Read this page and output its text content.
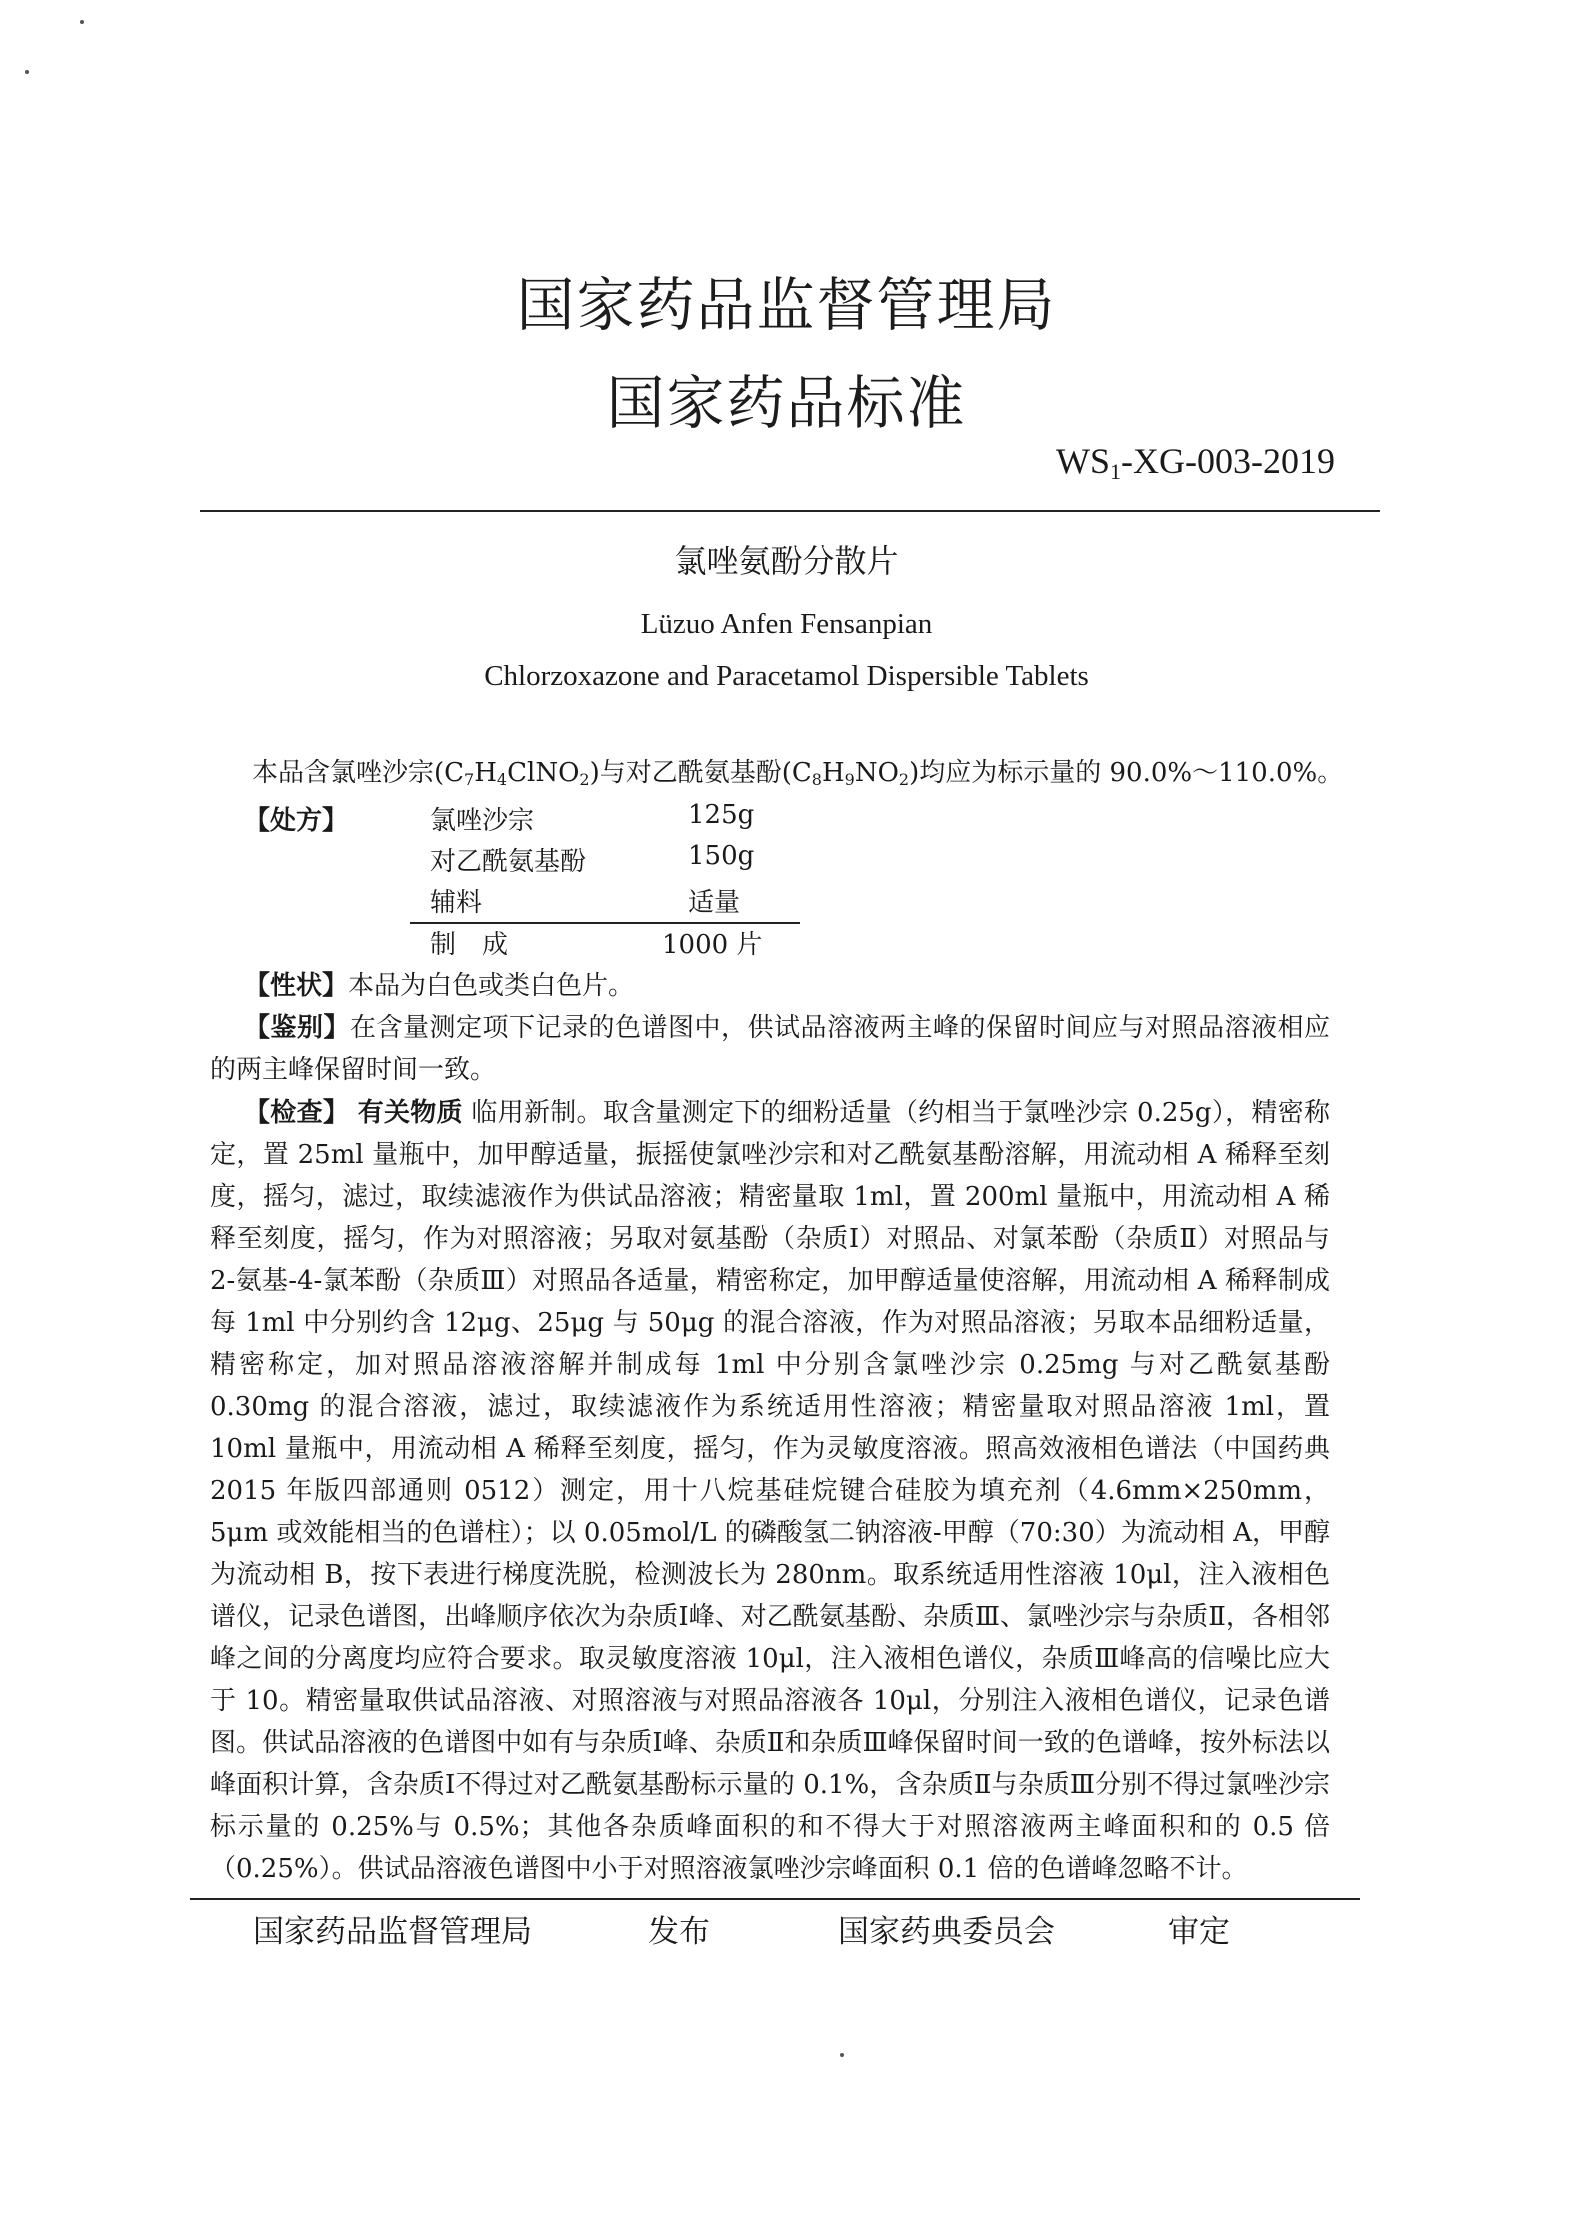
国家药品监督管理局
国家药品标准
$WS_1-XG-003-2019$
氯唑氨酚分散片
Lüzuo Anfen Fensanpian
Chlorzoxazone and Paracetamol Dispersible Tablets
本品含氯唑沙宗$(C_7H_4ClNO_2)$与对乙酰氨基酚$(C_8H_9NO_2)$均应为标示量的 90.0%～110.0%。
【处方】	氯唑沙宗	125g
对乙酰氨基酚	150g
辅料	适量
制　成	1000 片
【性状】本品为白色或类白色片。
【鉴别】在含量测定项下记录的色谱图中，供试品溶液两主峰的保留时间应与对照品溶液相应的两主峰保留时间一致。
【检查】 有关物质 临用新制。取含量测定下的细粉适量（约相当于氯唑沙宗 0.25g），精密称定，置 25ml 量瓶中，加甲醇适量，振摇使氯唑沙宗和对乙酰氨基酚溶解，用流动相 A 稀释至刻度，摇匀，滤过，取续滤液作为供试品溶液；精密量取 1ml，置 200ml 量瓶中，用流动相 A 稀释至刻度，摇匀，作为对照溶液；另取对氨基酚（杂质Ⅰ）对照品、对氯苯酚（杂质Ⅱ）对照品与 2-氨基-4-氯苯酚（杂质Ⅲ）对照品各适量，精密称定，加甲醇适量使溶解，用流动相 A 稀释制成每 1ml 中分别约含 12μg、25μg 与 50μg 的混合溶液，作为对照品溶液；另取本品细粉适量，精密称定，加对照品溶液溶解并制成每 1ml 中分别含氯唑沙宗 0.25mg 与对乙酰氨基酚 0.30mg 的混合溶液，滤过，取续滤液作为系统适用性溶液；精密量取对照品溶液 1ml，置 10ml 量瓶中，用流动相 A 稀释至刻度，摇匀，作为灵敏度溶液。照高效液相色谱法（中国药典 2015 年版四部通则 0512）测定，用十八烷基硅烷键合硅胶为填充剂（4.6mm×250mm，5μm 或效能相当的色谱柱）；以 0.05mol/L 的磷酸氢二钠溶液-甲醇（70:30）为流动相 A，甲醇为流动相 B，按下表进行梯度洗脱，检测波长为 280nm。取系统适用性溶液 10μl，注入液相色谱仪，记录色谱图，出峰顺序依次为杂质Ⅰ峰、对乙酰氨基酚、杂质Ⅲ、氯唑沙宗与杂质Ⅱ，各相邻峰之间的分离度均应符合要求。取灵敏度溶液 10μl，注入液相色谱仪，杂质Ⅲ峰高的信噪比应大于 10。精密量取供试品溶液、对照溶液与对照品溶液各 10μl，分别注入液相色谱仪，记录色谱图。供试品溶液的色谱图中如有与杂质Ⅰ峰、杂质Ⅱ和杂质Ⅲ峰保留时间一致的色谱峰，按外标法以峰面积计算，含杂质Ⅰ不得过对乙酰氨基酚标示量的 0.1%，含杂质Ⅱ与杂质Ⅲ分别不得过氯唑沙宗标示量的 0.25%与 0.5%；其他各杂质峰面积的和不得大于对照溶液两主峰面积和的 0.5 倍（0.25%）。供试品溶液色谱图中小于对照溶液氯唑沙宗峰面积 0.1 倍的色谱峰忽略不计。
国家药品监督管理局	发布	国家药典委员会	审定
